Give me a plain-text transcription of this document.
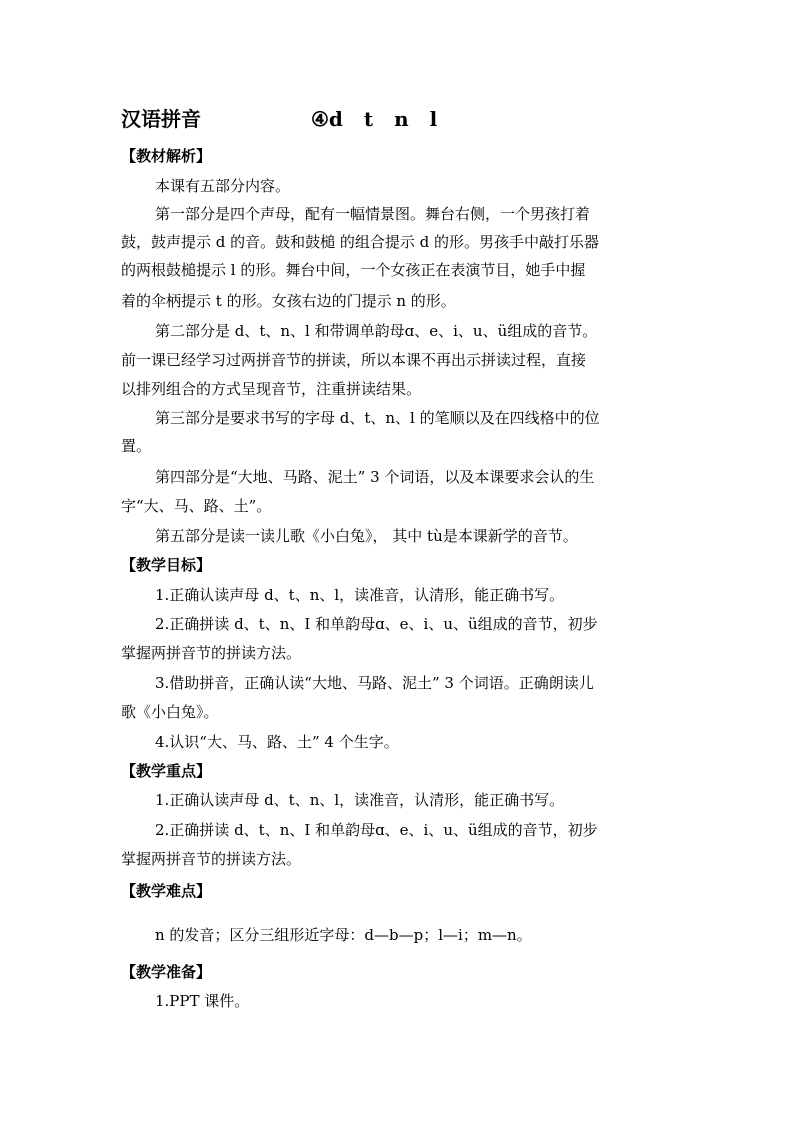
汉语拼音	④d t n l
【教材解析】
本课有五部分内容。
第一部分是四个声母，配有一幅情景图。舞台右侧，一个男孩打着
鼓，鼓声提示 d 的音。鼓和鼓槌 的组合提示 d 的形。男孩手中敲打乐器
的两根鼓槌提示 l 的形。舞台中间，一个女孩正在表演节目，她手中握
着的伞柄提示 t 的形。女孩右边的门提示 n 的形。
第二部分是 d、t、n、l 和带调单韵母ɑ、e、i、u、ü组成的音节。
前一课已经学习过两拼音节的拼读，所以本课不再出示拼读过程，直接
以排列组合的方式呈现音节，注重拼读结果。
第三部分是要求书写的字母 d、t、n、l 的笔顺以及在四线格中的位
置。
第四部分是“大地、马路、泥土” 3 个词语，以及本课要求会认的生
字“大、马、路、土”。
第五部分是读一读儿歌《小白兔》， 其中 tù是本课新学的音节。
【教学目标】
1.正确认读声母 d、t、n、l，读准音，认清形，能正确书写。
2.正确拼读 d、t、n、I 和单韵母ɑ、e、i、u、ü组成的音节，初步
掌握两拼音节的拼读方法。
3.借助拼音，正确认读“大地、马路、泥土” 3 个词语。正确朗读儿
歌《小白兔》。
4.认识“大、马、路、土” 4 个生字。
【教学重点】
1.正确认读声母 d、t、n、l，读准音，认清形，能正确书写。
2.正确拼读 d、t、n、I 和单韵母ɑ、e、i、u、ü组成的音节，初步
掌握两拼音节的拼读方法。
【教学难点】
n 的发音；区分三组形近字母：d—b—p；l—i；m—n。
【教学准备】
1.PPT 课件。
